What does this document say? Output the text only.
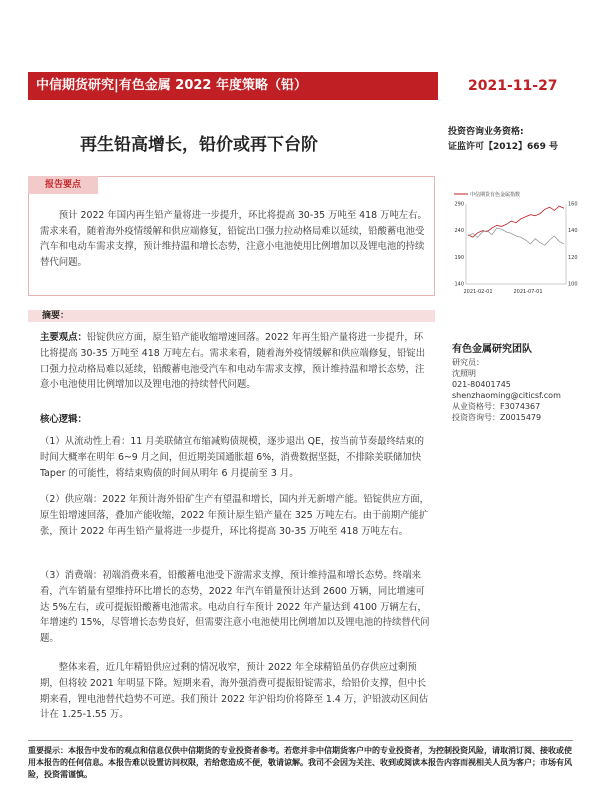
中信期货研究|有色金属 2022 年度策略（铅）	2021-11-27
再生铅高增长，铅价或再下台阶
投资咨询业务资格:
证监许可【2012】669 号
报告要点
预计 2022 年国内再生铅产量将进一步提升，环比将提高 30-35 万吨至 418 万吨左右。需求来看，随着海外疫情缓解和供应端修复，铅锭出口强力拉动格局难以延续，铅酸蓄电池受汽车和电动车需求支撑，预计维持温和增长态势，注意小电池使用比例增加以及锂电池的持续替代问题。
中信期货有色金属指数
140
190
240
290
100
120
140
160
2021-02-01	2021-07-01
摘要：
主要观点：铅锭供应方面，原生铅产能收缩增速回落。2022 年再生铅产量将进一步提升，环比将提高 30-35 万吨至 418 万吨左右。需求来看，随着海外疫情缓解和供应端修复，铅锭出口强力拉动格局难以延续，铅酸蓄电池受汽车和电动车需求支撑，预计维持温和增长态势，注意小电池使用比例增加以及锂电池的持续替代问题。
核心逻辑：
（1）从流动性上看：11 月美联储宣布缩减购债规模，逐步退出 QE，按当前节奏最终结束的时间大概率在明年 6~9 月之间，但近期美国通胀超 6%，消费数据坚挺，不排除美联储加快 Taper 的可能性，将结束购债的时间从明年 6 月提前至 3 月。
（2）供应端：2022 年预计海外铅矿生产有望温和增长，国内并无新增产能。铅锭供应方面，原生铅增速回落，叠加产能收缩，2022 年预计原生铅产量在 325 万吨左右。由于前期产能扩张，预计 2022 年再生铅产量将进一步提升，环比将提高 30-35 万吨至 418 万吨左右。
（3）消费端：初端消费来看，铅酸蓄电池受下游需求支撑，预计维持温和增长态势。终端来看，汽车销量有望维持环比增长的态势，2022 年汽车销量预计达到 2600 万辆，同比增速可达 5%左右，或可提振铅酸蓄电池需求。电动自行车预计 2022 年产量达到 4100 万辆左右，年增速约 15%，尽管增长态势良好，但需要注意小电池使用比例增加以及锂电池的持续替代问题。
整体来看，近几年精铅供应过剩的情况收窄，预计 2022 年全球精铅虽仍存供应过剩预期，但将较 2021 年明显下降。短期来看，海外强消费可提振铅锭需求，给铅价支撑，但中长期来看，锂电池替代趋势不可逆。我们预计 2022 年沪铅均价将降至 1.4 万，沪铅波动区间估计在 1.25-1.55 万。
有色金属研究团队
研究员：
沈照明
021-80401745
shenzhaoming@citicsf.com
从业资格号：F3074367
投资咨询号：Z0015479
重要提示：本报告中发布的观点和信息仅供中信期货的专业投资者参考。若您并非中信期货客户中的专业投资者，为控制投资风险，请取消订阅、接收或使用本报告的任何信息。本报告难以设置访问权限，若给您造成不便，敬请谅解。我司不会因为关注、收到或阅读本报告内容而视相关人员为客户；市场有风险，投资需谨慎。
